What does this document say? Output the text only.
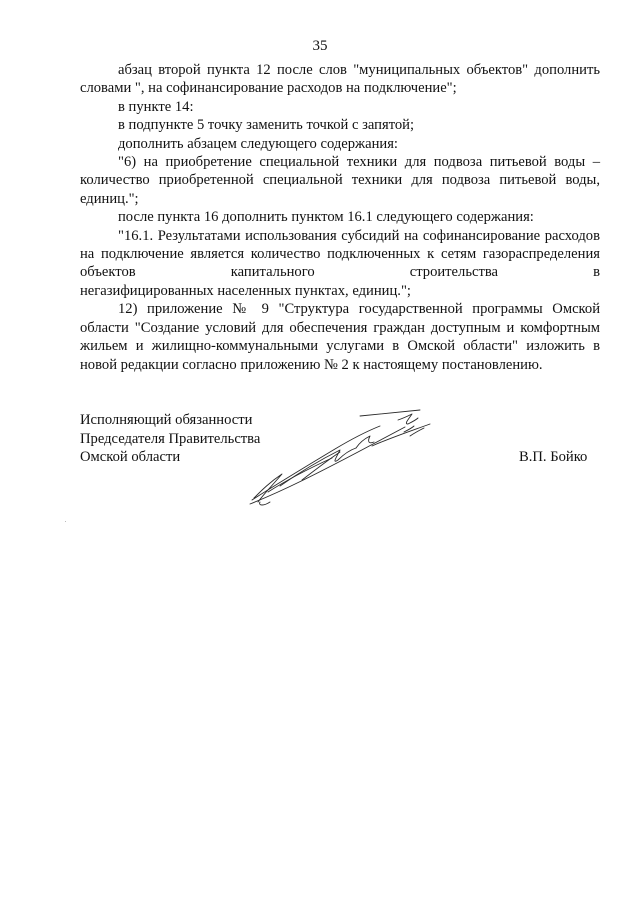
35

абзац второй пункта 12 после слов "муниципальных объектов" дополнить словами ", на софинансирование расходов на подключение";

в пункте 14:

в подпункте 5 точку заменить точкой с запятой;

дополнить абзацем следующего содержания:

"6) на приобретение специальной техники для подвоза питьевой воды – количество приобретенной специальной техники для подвоза питьевой воды, единиц.";

после пункта 16 дополнить пунктом 16.1 следующего содержания:

"16.1. Результатами использования субсидий на софинансирование расходов на подключение является количество подключенных к сетям газораспределения объектов капитального строительства в

негазифицированных населенных пунктах, единиц.";

12) приложение № 9 "Структура государственной программы Омской области "Создание условий для обеспечения граждан доступным и комфортным жильем и жилищно-коммунальными услугами в Омской области" изложить в новой редакции согласно приложению № 2 к настоящему постановлению.

Исполняющий обязанности
Председателя Правительства
Омской области	В.П. Бойко
